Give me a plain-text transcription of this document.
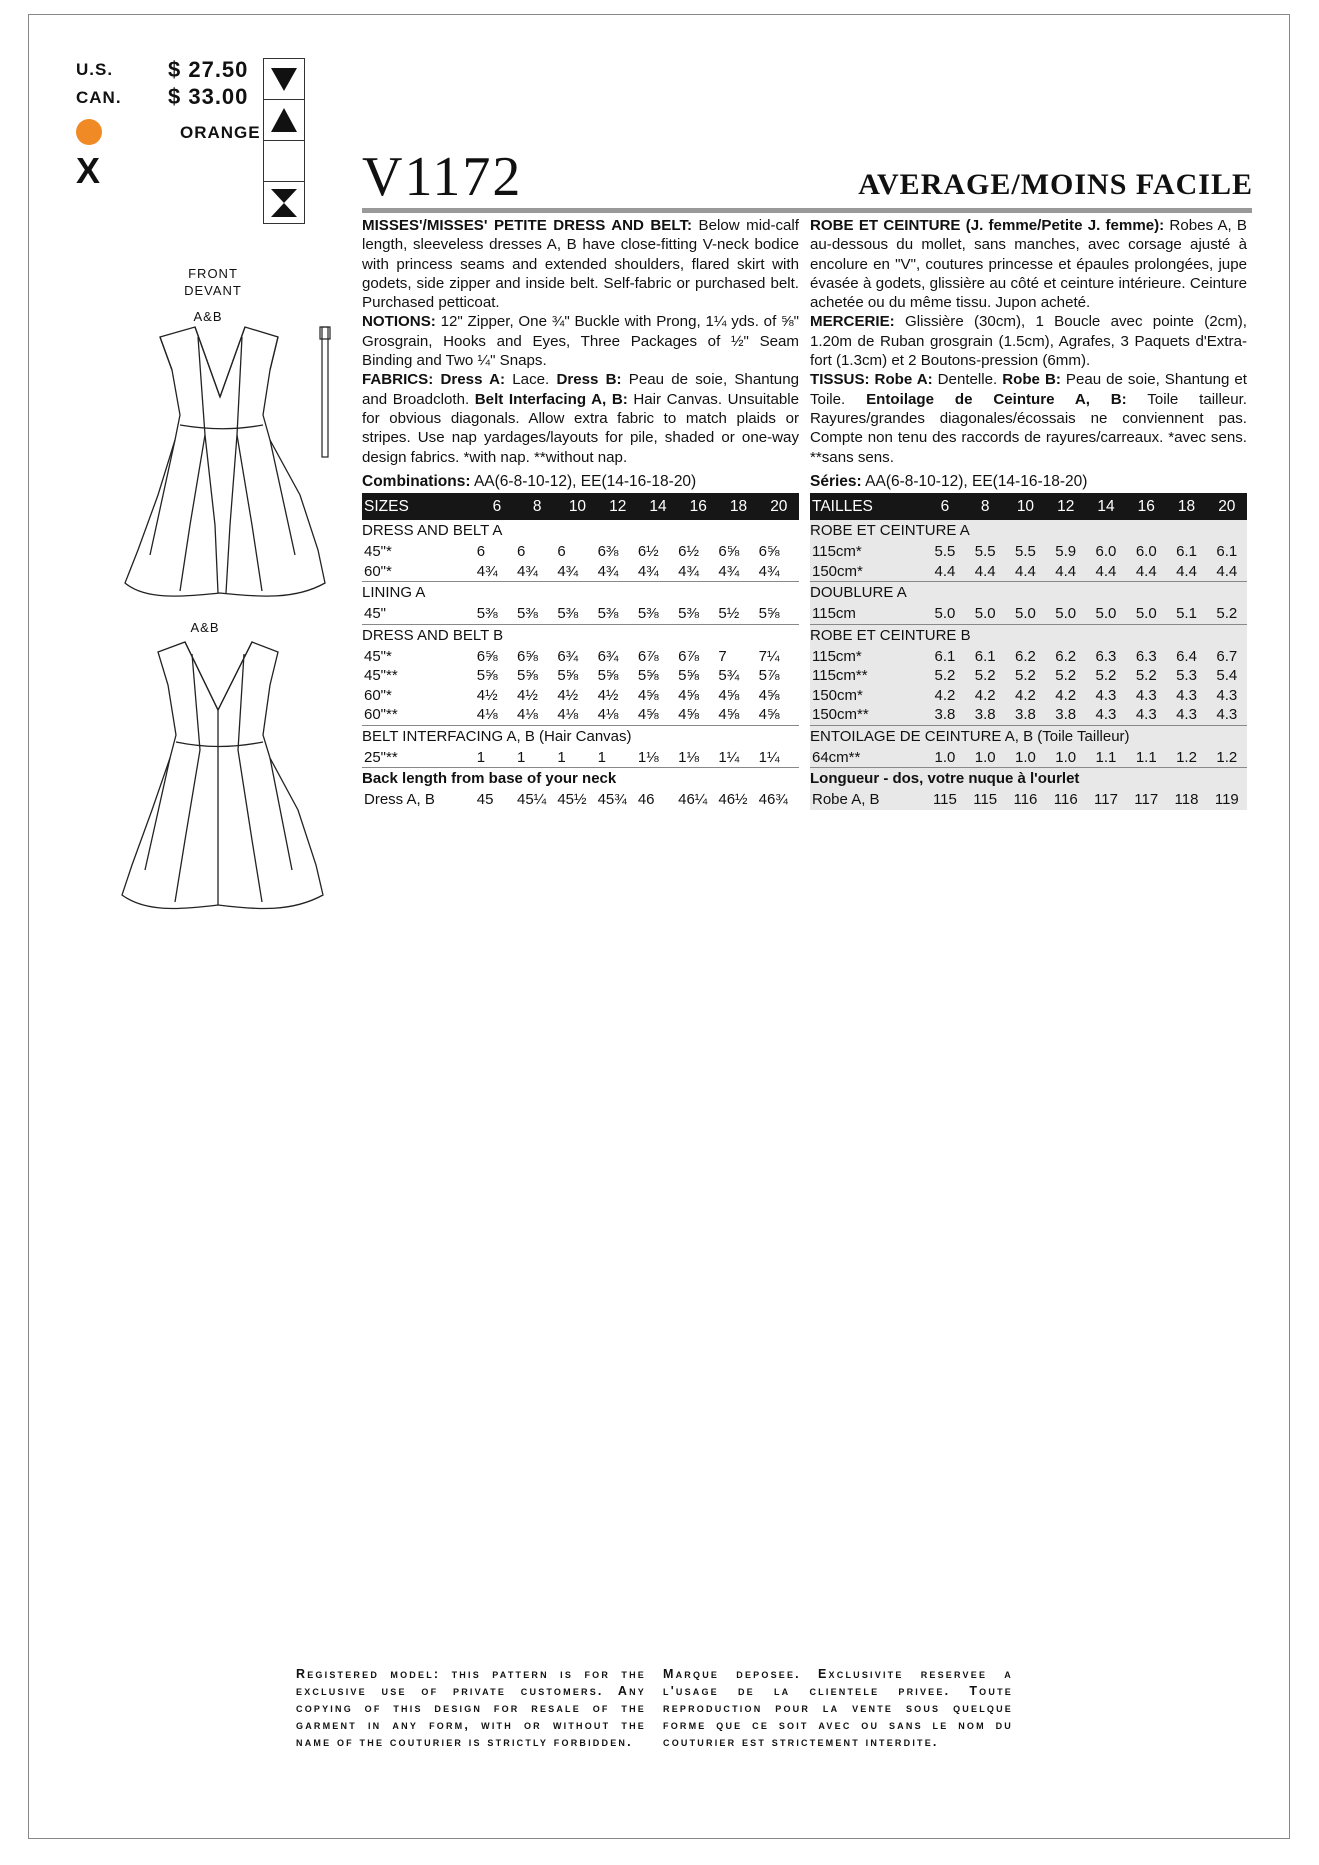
U.S. $ 27.50
CAN. $ 33.00
ORANGE
X	V1172	AVERAGE/MOINS FACILE
FRONT
DEVANT
A&B
A&B

MISSES'/MISSES' PETITE DRESS AND BELT: Below mid-calf length, sleeveless dresses A, B have close-fitting V-neck bodice with princess seams and extended shoulders, flared skirt with godets, side zipper and inside belt. Self-fabric or purchased belt. Purchased petticoat.

NOTIONS: 12" Zipper, One ¾" Buckle with Prong, 1¼ yds. of ⅝" Grosgrain, Hooks and Eyes, Three Packages of ½" Seam Binding and Two ¼" Snaps.

FABRICS: Dress A: Lace. Dress B: Peau de soie, Shantung and Broadcloth. Belt Interfacing A, B: Hair Canvas. Unsuitable for obvious diagonals. Allow extra fabric to match plaids or stripes. Use nap yardages/layouts for pile, shaded or one-way design fabrics. *with nap. **without nap.

ROBE ET CEINTURE (J. femme/Petite J. femme): Robes A, B au-dessous du mollet, sans manches, avec corsage ajusté à encolure en "V", coutures princesse et épaules prolongées, jupe évasée à godets, glissière au côté et ceinture intérieure. Ceinture achetée ou du même tissu. Jupon acheté.

MERCERIE: Glissière (30cm), 1 Boucle avec pointe (2cm), 1.20m de Ruban grosgrain (1.5cm), Agrafes, 3 Paquets d'Extra-fort (1.3cm) et 2 Boutons-pression (6mm).

TISSUS: Robe A: Dentelle. Robe B: Peau de soie, Shantung et Toile. Entoilage de Ceinture A, B: Toile tailleur. Rayures/grandes diagonales/écossais ne conviennent pas. Compte non tenu des raccords de rayures/carreaux. *avec sens. **sans sens.

Combinations: AA(6-8-10-12), EE(14-16-18-20)
SIZES	6	8	10	12	14	16	18	20
DRESS AND BELT A								
45"*	6	6	6	6⅜	6½	6½	6⅝	6⅝
60"*	4¾	4¾	4¾	4¾	4¾	4¾	4¾	4¾
LINING A								
45"	5⅜	5⅜	5⅜	5⅜	5⅜	5⅜	5½	5⅝
DRESS AND BELT B								
45"*	6⅝	6⅝	6¾	6¾	6⅞	6⅞	7	7¼
45"**	5⅝	5⅝	5⅝	5⅝	5⅝	5⅝	5¾	5⅞
60"*	4½	4½	4½	4½	4⅝	4⅝	4⅝	4⅝
60"**	4⅛	4⅛	4⅛	4⅛	4⅝	4⅝	4⅝	4⅝
BELT INTERFACING A, B (Hair Canvas)								
25"**	1	1	1	1	1⅛	1⅛	1¼	1¼
Back length from base of your neck								
Dress A, B	45	45¼	45½	45¾	46	46¼	46½	46¾
Séries: AA(6-8-10-12), EE(14-16-18-20)
TAILLES	6	8	10	12	14	16	18	20
ROBE ET CEINTURE A								
115cm*	5.5	5.5	5.5	5.9	6.0	6.0	6.1	6.1
150cm*	4.4	4.4	4.4	4.4	4.4	4.4	4.4	4.4
DOUBLURE A								
115cm	5.0	5.0	5.0	5.0	5.0	5.0	5.1	5.2
ROBE ET CEINTURE B								
115cm*	6.1	6.1	6.2	6.2	6.3	6.3	6.4	6.7
115cm**	5.2	5.2	5.2	5.2	5.2	5.2	5.3	5.4
150cm*	4.2	4.2	4.2	4.2	4.3	4.3	4.3	4.3
150cm**	3.8	3.8	3.8	3.8	4.3	4.3	4.3	4.3
ENTOILAGE DE CEINTURE A, B (Toile Tailleur)								
64cm**	1.0	1.0	1.0	1.0	1.1	1.1	1.2	1.2
Longueur - dos, votre nuque à l'ourlet								
Robe A, B	115	115	116	116	117	117	118	119
Registered model: this pattern is for the exclusive use of private customers. Any copying of this design for resale of the garment in any form, with or without the name of the couturier is strictly forbidden.
Marque deposee. Exclusivite reservee a l'usage de la clientele privee. Toute reproduction pour la vente sous quelque forme que ce soit avec ou sans le nom du couturier est strictement interdite.
